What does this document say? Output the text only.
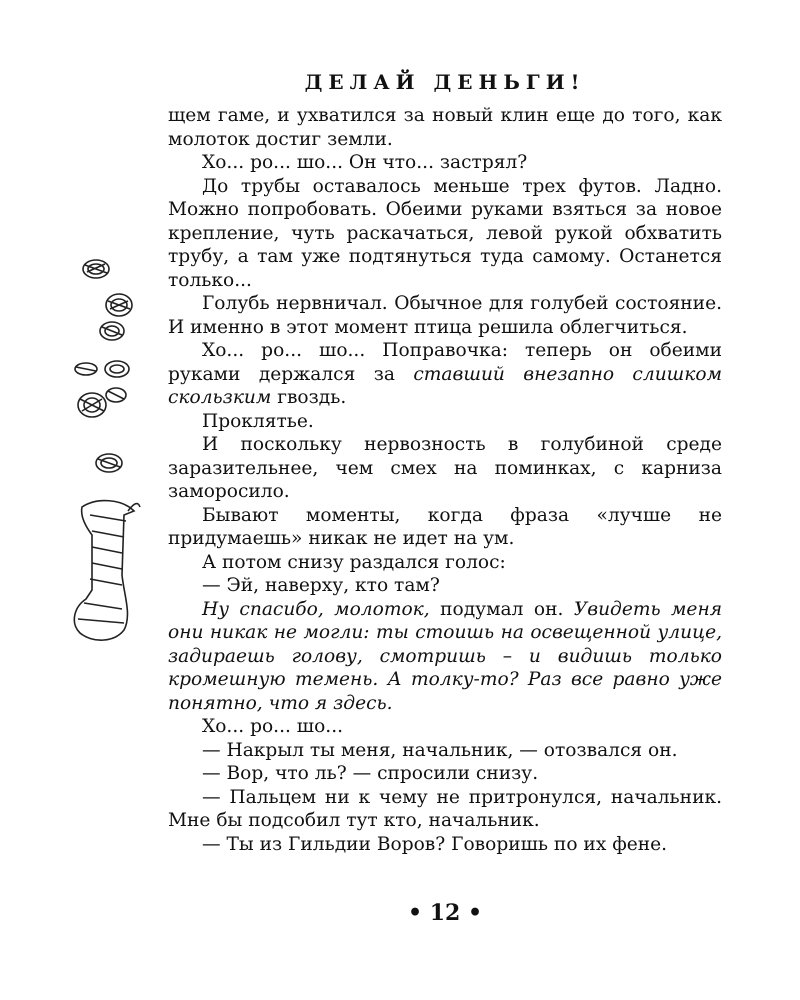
ДЕЛАЙ ДЕНЬГИ!

щем гаме, и ухватился за новый клин еще до того, как молоток достиг земли.

Хо... ро... шо... Он что... застрял?

До трубы оставалось меньше трех футов. Ладно. Можно попробовать. Обеими руками взяться за новое крепление, чуть раскачаться, левой рукой обхватить трубу, а там уже подтянуться туда самому. Останется только...

Голубь нервничал. Обычное для голубей состояние. И именно в этот момент птица решила облегчиться.

Хо... ро... шо... Поправочка: теперь он обеими руками держался за ставший внезапно слишком скользким гвоздь.

Проклятье.

И поскольку нервозность в голубиной среде заразительнее, чем смех на поминках, с карниза заморосило.

Бывают моменты, когда фраза «лучше не придумаешь» никак не идет на ум.

А потом снизу раздался голос:

— Эй, наверху, кто там?

Ну спасибо, молоток, подумал он. Увидеть меня они никак не могли: ты стоишь на освещенной улице, задираешь голову, смотришь – и видишь только кромешную темень. А толку-то? Раз все равно уже понятно, что я здесь.

Хо... ро... шо...

— Накрыл ты меня, начальник, — отозвался он.

— Вор, что ль? — спросили снизу.

— Пальцем ни к чему не притронулся, начальник. Мне бы подсобил тут кто, начальник.

— Ты из Гильдии Воров? Говоришь по их фене.

• 12 •
